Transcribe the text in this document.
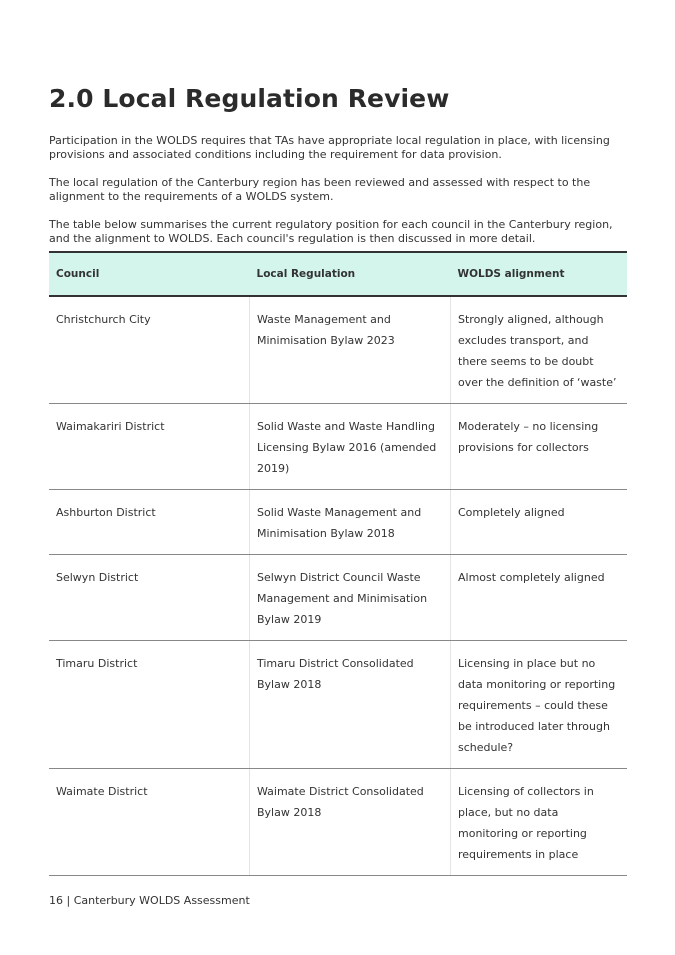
2.0 Local Regulation Review

Participation in the WOLDS requires that TAs have appropriate local regulation in place, with licensing provisions and associated conditions including the requirement for data provision.

The local regulation of the Canterbury region has been reviewed and assessed with respect to the alignment to the requirements of a WOLDS system.

The table below summarises the current regulatory position for each council in the Canterbury region, and the alignment to WOLDS. Each council's regulation is then discussed in more detail.

Council	Local Regulation	WOLDS alignment
Christchurch City	Waste Management and Minimisation Bylaw 2023	Strongly aligned, although excludes transport, and there seems to be doubt over the definition of ‘waste’
Waimakariri District	Solid Waste and Waste Handling Licensing Bylaw 2016 (amended 2019)	Moderately – no licensing provisions for collectors
Ashburton District	Solid Waste Management and Minimisation Bylaw 2018	Completely aligned
Selwyn District	Selwyn District Council Waste Management and Minimisation Bylaw 2019	Almost completely aligned
Timaru District	Timaru District Consolidated Bylaw 2018	Licensing in place but no data monitoring or reporting requirements – could these be introduced later through schedule?
Waimate District	Waimate District Consolidated Bylaw 2018	Licensing of collectors in place, but no data monitoring or reporting requirements in place
16 | Canterbury WOLDS Assessment
